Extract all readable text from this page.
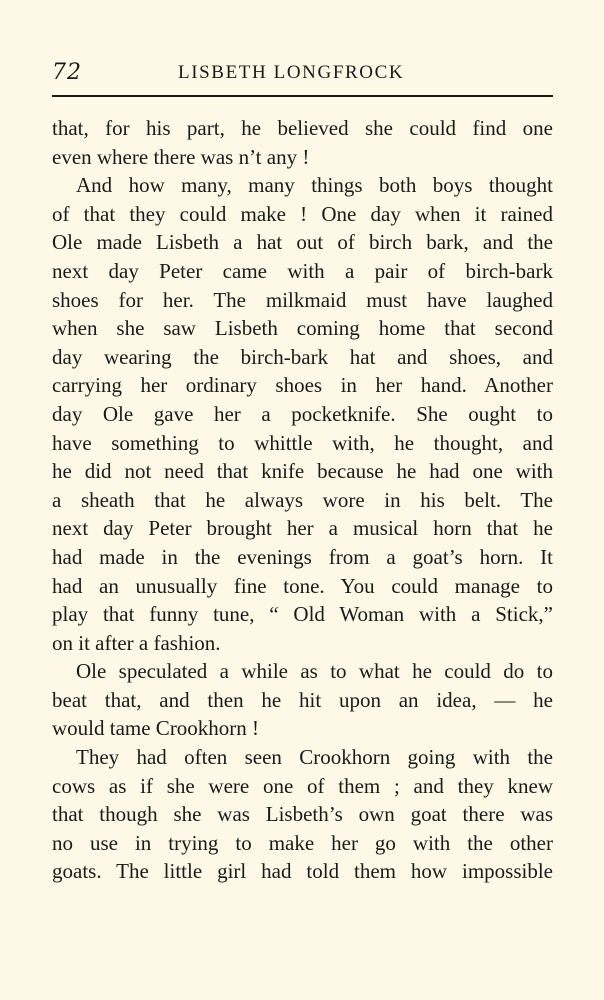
72	LISBETH LONGFROCK
that, for his part, he believed she could find one
even where there was n’t any !
And how many, many things both boys thought
of that they could make ! One day when it rained
Ole made Lisbeth a hat out of birch bark, and the
next day Peter came with a pair of birch-bark
shoes for her. The milkmaid must have laughed
when she saw Lisbeth coming home that second
day wearing the birch-bark hat and shoes, and
carrying her ordinary shoes in her hand. Another
day Ole gave her a pocketknife. She ought to
have something to whittle with, he thought, and
he did not need that knife because he had one with
a sheath that he always wore in his belt. The
next day Peter brought her a musical horn that he
had made in the evenings from a goat’s horn. It
had an unusually fine tone. You could manage to
play that funny tune, “ Old Woman with a Stick,”
on it after a fashion.
Ole speculated a while as to what he could do to
beat that, and then he hit upon an idea, — he
would tame Crookhorn !
They had often seen Crookhorn going with the
cows as if she were one of them ; and they knew
that though she was Lisbeth’s own goat there was
no use in trying to make her go with the other
goats. The little girl had told them how impossible
